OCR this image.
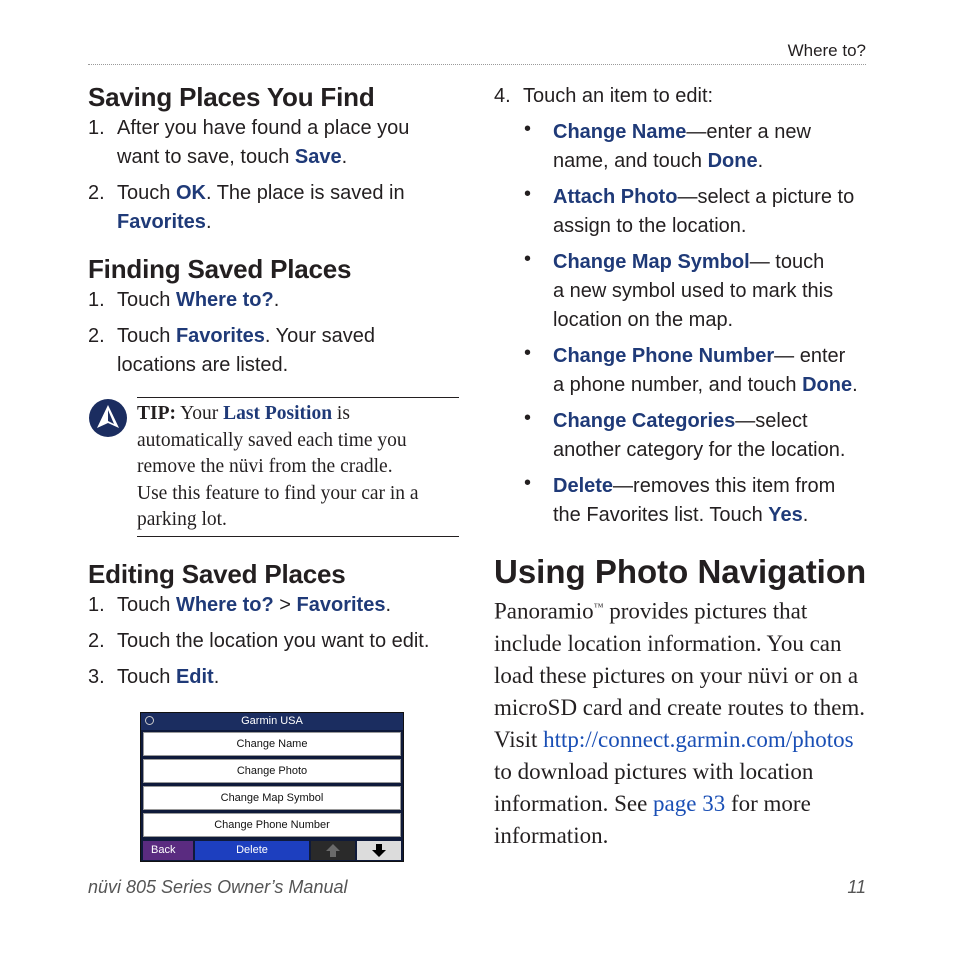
Where to?
Saving Places You Find
1. After you have found a place you
want to save, touch Save.
2. Touch OK. The place is saved in
Favorites.
Finding Saved Places
1. Touch Where to?.
2. Touch Favorites. Your saved
locations are listed.
TIP: Your Last Position is
automatically saved each time you
remove the nüvi from the cradle.
Use this feature to find your car in a
parking lot.
Editing Saved Places
1. Touch Where to? > Favorites.
2. Touch the location you want to edit.
3. Touch Edit.
Garmin USA
Change Name
Change Photo
Change Map Symbol
Change Phone Number
Back	Delete
4. Touch an item to edit:
• Change Name—enter a new
name, and touch Done.
• Attach Photo—select a picture to
assign to the location.
• Change Map Symbol— touch
a new symbol used to mark this
location on the map.
• Change Phone Number— enter
a phone number, and touch Done.
• Change Categories—select
another category for the location.
• Delete—removes this item from
the Favorites list. Touch Yes.
Using Photo Navigation
Panoramio™ provides pictures that
include location information. You can
load these pictures on your nüvi or on a
microSD card and create routes to them.
Visit http://connect.garmin.com/photos
to download pictures with location
information. See page 33 for more
information.
nüvi 805 Series Owner’s Manual	11
